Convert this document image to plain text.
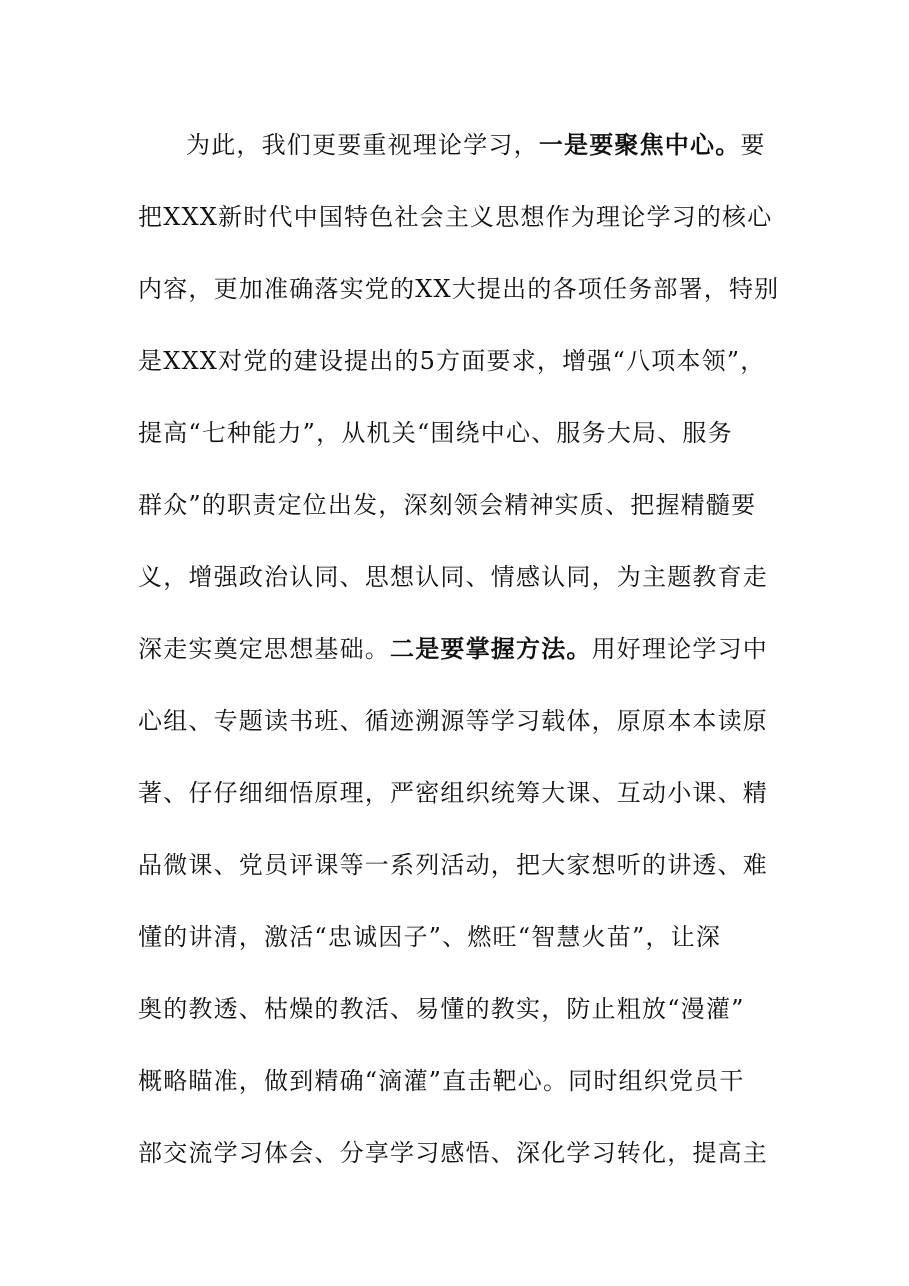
为此，我们更要重视理论学习，一是要聚焦中心。要
把XXX新时代中国特色社会主义思想作为理论学习的核心
内容，更加准确落实党的XX大提出的各项任务部署，特别
是XXX对党的建设提出的5方面要求，增强“八项本领”，
提高“七种能力”，从机关“围绕中心、服务大局、服务
群众”的职责定位出发，深刻领会精神实质、把握精髓要
义，增强政治认同、思想认同、情感认同，为主题教育走
深走实奠定思想基础。二是要掌握方法。用好理论学习中
心组、专题读书班、循迹溯源等学习载体，原原本本读原
著、仔仔细细悟原理，严密组织统筹大课、互动小课、精
品微课、党员评课等一系列活动，把大家想听的讲透、难
懂的讲清，激活“忠诚因子”、燃旺“智慧火苗”，让深
奥的教透、枯燥的教活、易懂的教实，防止粗放“漫灌”
概略瞄准，做到精确“滴灌”直击靶心。同时组织党员干
部交流学习体会、分享学习感悟、深化学习转化，提高主
